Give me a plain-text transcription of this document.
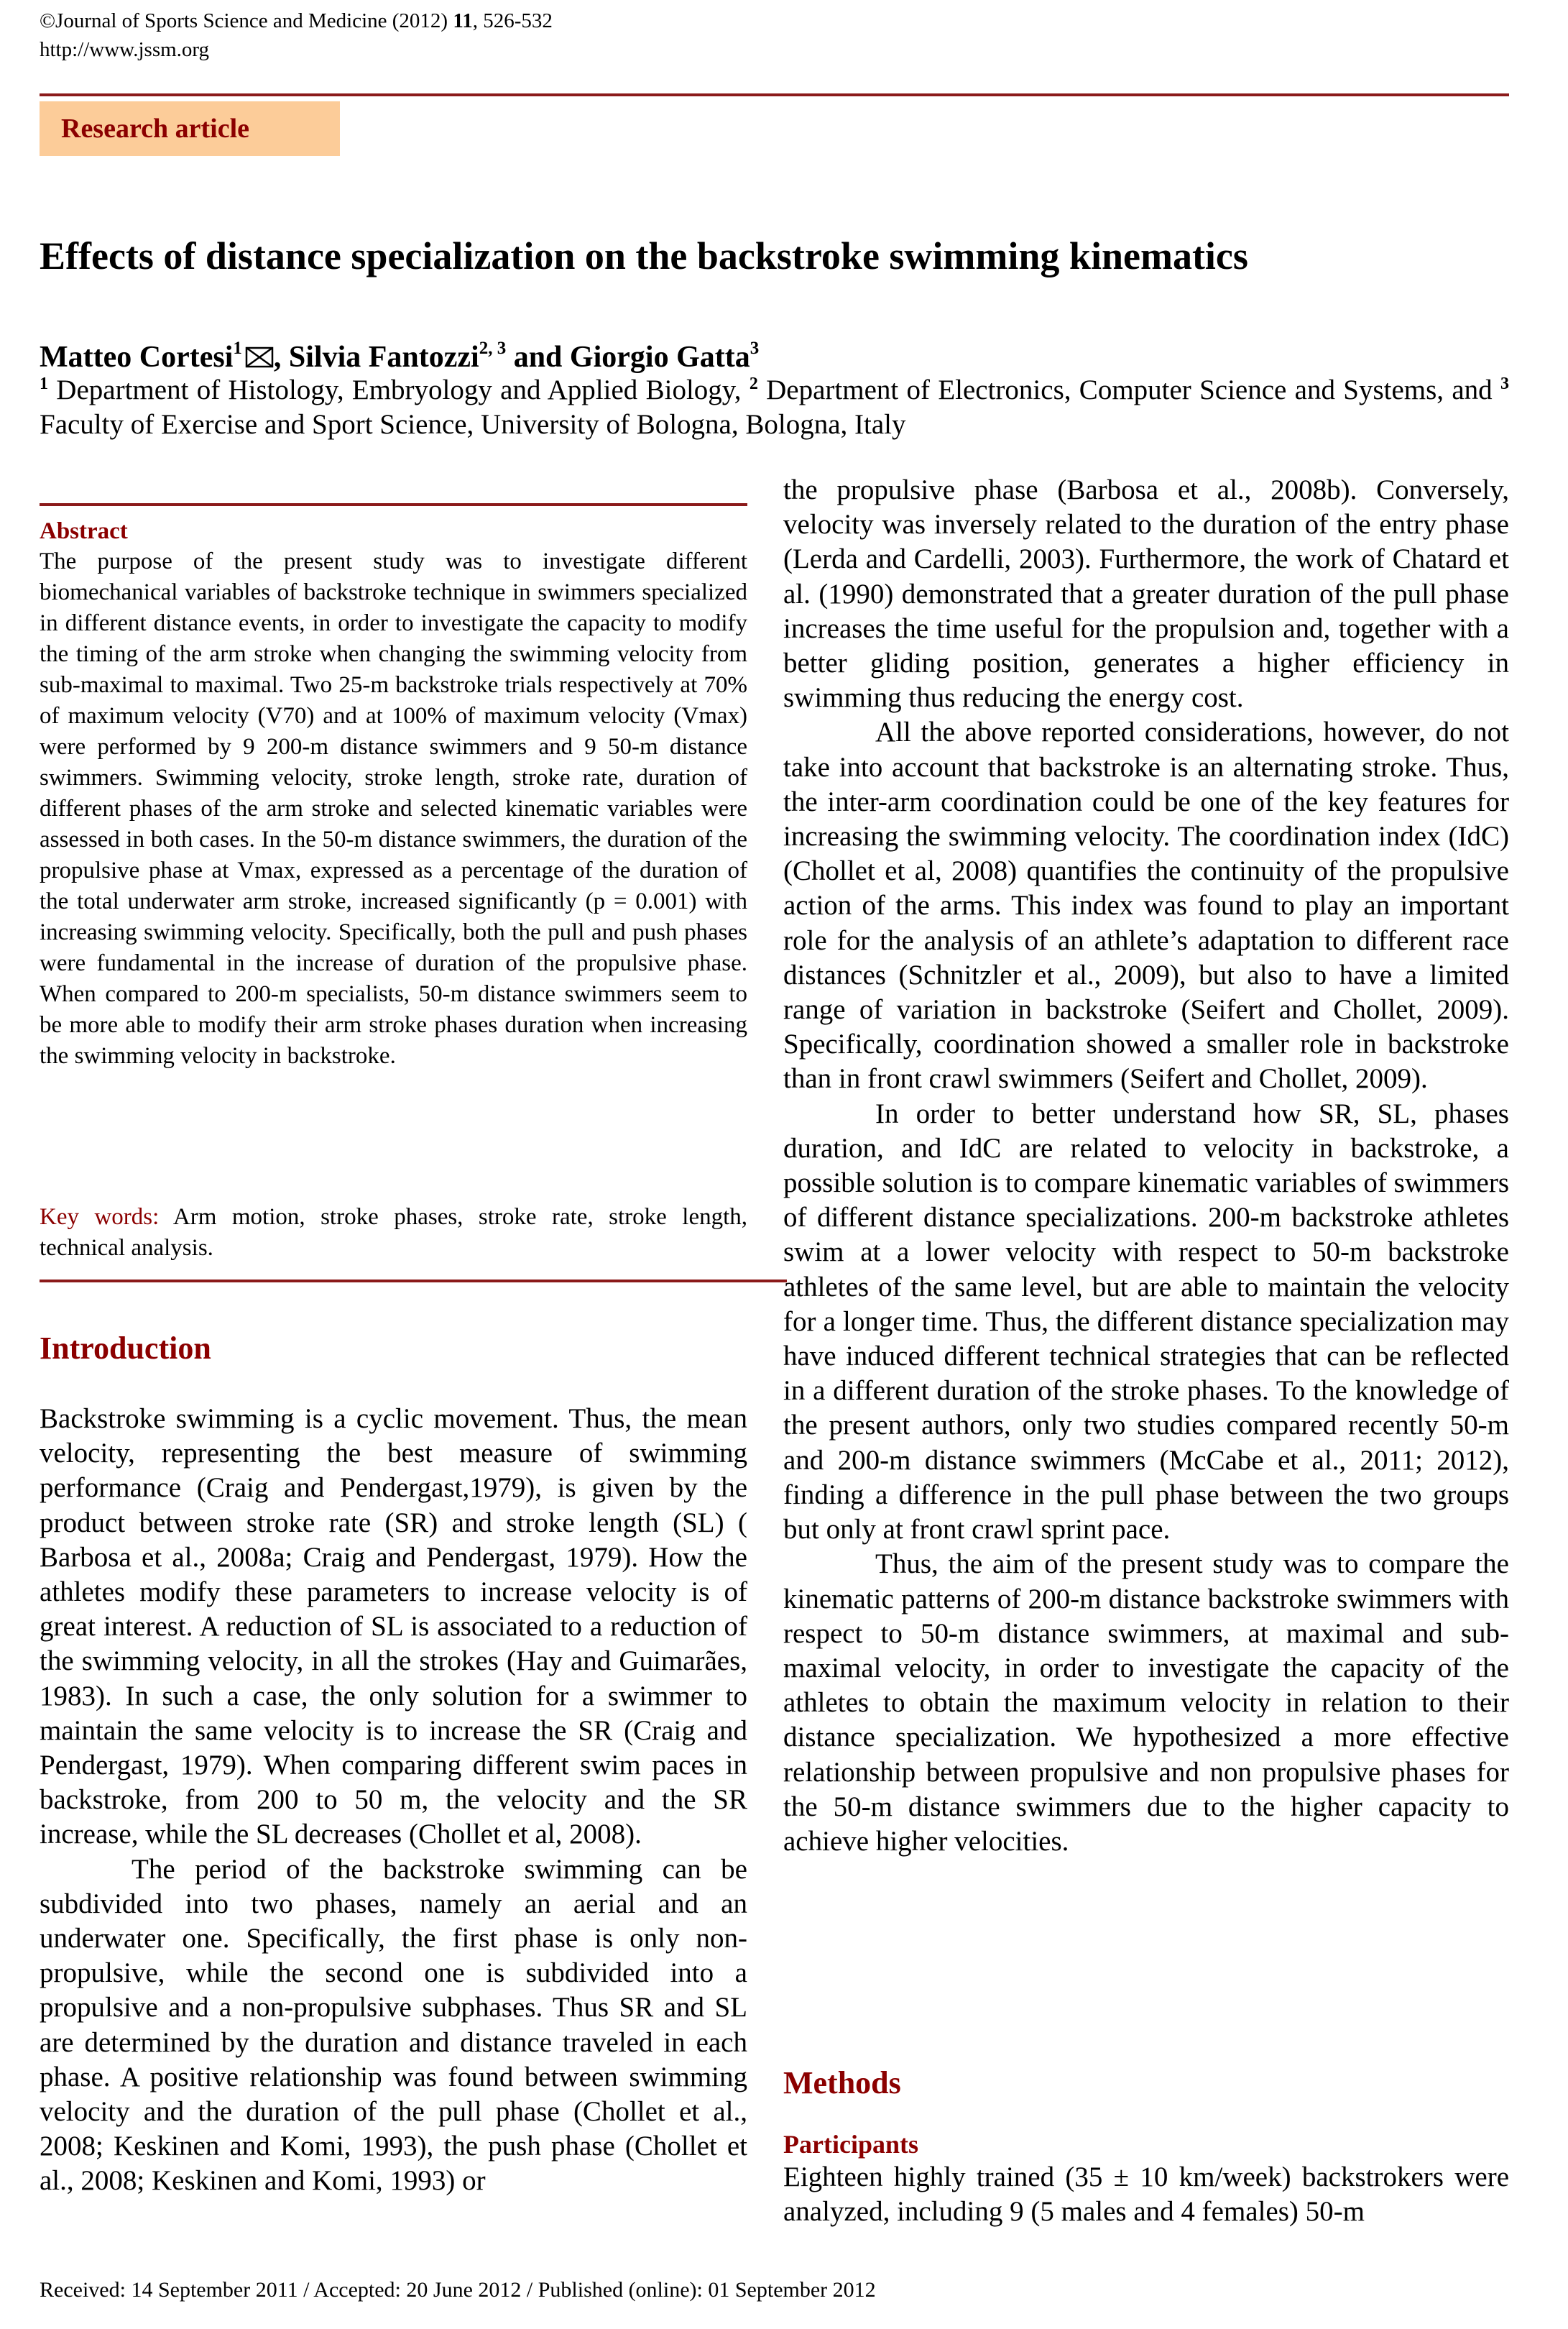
©Journal of Sports Science and Medicine (2012) 11, 526-532
http://www.jssm.org
Research article
Effects of distance specialization on the backstroke swimming kinematics
Matteo Cortesi$^1$ , Silvia Fantozzi$^{2, 3}$ and Giorgio Gatta$^3$
$^1$ Department of Histology, Embryology and Applied Biology, $^2$ Department of Electronics, Computer Science and Systems, and $^3$ Faculty of Exercise and Sport Science, University of Bologna, Bologna, Italy
Abstract
The purpose of the present study was to investigate different biomechanical variables of backstroke technique in swimmers specialized in different distance events, in order to investigate the capacity to modify the timing of the arm stroke when changing the swimming velocity from sub-maximal to maximal. Two 25-m backstroke trials respectively at 70% of maximum velocity (V70) and at 100% of maximum velocity (Vmax) were performed by 9 200-m distance swimmers and 9 50-m distance swimmers. Swimming velocity, stroke length, stroke rate, duration of different phases of the arm stroke and selected kinematic variables were assessed in both cases. In the 50-m distance swimmers, the duration of the propulsive phase at Vmax, expressed as a percentage of the duration of the total underwater arm stroke, increased significantly (p = 0.001) with increasing swimming velocity. Specifically, both the pull and push phases were fundamental in the increase of duration of the propulsive phase. When compared to 200-m specialists, 50-m distance swimmers seem to be more able to modify their arm stroke phases duration when increasing the swimming velocity in backstroke.
Key words: Arm motion, stroke phases, stroke rate, stroke length, technical analysis.
Introduction

Backstroke swimming is a cyclic movement. Thus, the mean velocity, representing the best measure of swimming performance (Craig and Pendergast,1979), is given by the product between stroke rate (SR) and stroke length (SL) ( Barbosa et al., 2008a; Craig and Pendergast, 1979). How the athletes modify these parameters to increase velocity is of great interest. A reduction of SL is associated to a reduction of the swimming velocity, in all the strokes (Hay and Guimarães, 1983). In such a case, the only solution for a swimmer to maintain the same velocity is to increase the SR (Craig and Pendergast, 1979). When comparing different swim paces in backstroke, from 200 to 50 m, the velocity and the SR increase, while the SL decreases (Chollet et al, 2008).

The period of the backstroke swimming can be subdivided into two phases, namely an aerial and an underwater one. Specifically, the first phase is only non-propulsive, while the second one is subdivided into a propulsive and a non-propulsive subphases. Thus SR and SL are determined by the duration and distance traveled in each phase. A positive relationship was found between swimming velocity and the duration of the pull phase (Chollet et al., 2008; Keskinen and Komi, 1993), the push phase (Chollet et al., 2008; Keskinen and Komi, 1993) or

the propulsive phase (Barbosa et al., 2008b). Conversely, velocity was inversely related to the duration of the entry phase (Lerda and Cardelli, 2003). Furthermore, the work of Chatard et al. (1990) demonstrated that a greater duration of the pull phase increases the time useful for the propulsion and, together with a better gliding position, generates a higher efficiency in swimming thus reducing the energy cost.

All the above reported considerations, however, do not take into account that backstroke is an alternating stroke. Thus, the inter-arm coordination could be one of the key features for increasing the swimming velocity. The coordination index (IdC) (Chollet et al, 2008) quantifies the continuity of the propulsive action of the arms. This index was found to play an important role for the analysis of an athlete’s adaptation to different race distances (Schnitzler et al., 2009), but also to have a limited range of variation in backstroke (Seifert and Chollet, 2009). Specifically, coordination showed a smaller role in backstroke than in front crawl swimmers (Seifert and Chollet, 2009).

In order to better understand how SR, SL, phases duration, and IdC are related to velocity in backstroke, a possible solution is to compare kinematic variables of swimmers of different distance specializations. 200-m backstroke athletes swim at a lower velocity with respect to 50-m backstroke athletes of the same level, but are able to maintain the velocity for a longer time. Thus, the different distance specialization may have induced different technical strategies that can be reflected in a different duration of the stroke phases. To the knowledge of the present authors, only two studies compared recently 50-m and 200-m distance swimmers (McCabe et al., 2011; 2012), finding a difference in the pull phase between the two groups but only at front crawl sprint pace.

Thus, the aim of the present study was to compare the kinematic patterns of 200-m distance backstroke swimmers with respect to 50-m distance swimmers, at maximal and sub-maximal velocity, in order to investigate the capacity of the athletes to obtain the maximum velocity in relation to their distance specialization. We hypothesized a more effective relationship between propulsive and non propulsive phases for the 50-m distance swimmers due to the higher capacity to achieve higher velocities.

Methods
Participants

Eighteen highly trained (35 ± 10 km/week) backstrokers were analyzed, including 9 (5 males and 4 females) 50-m

Received: 14 September 2011 / Accepted: 20 June 2012 / Published (online): 01 September 2012
